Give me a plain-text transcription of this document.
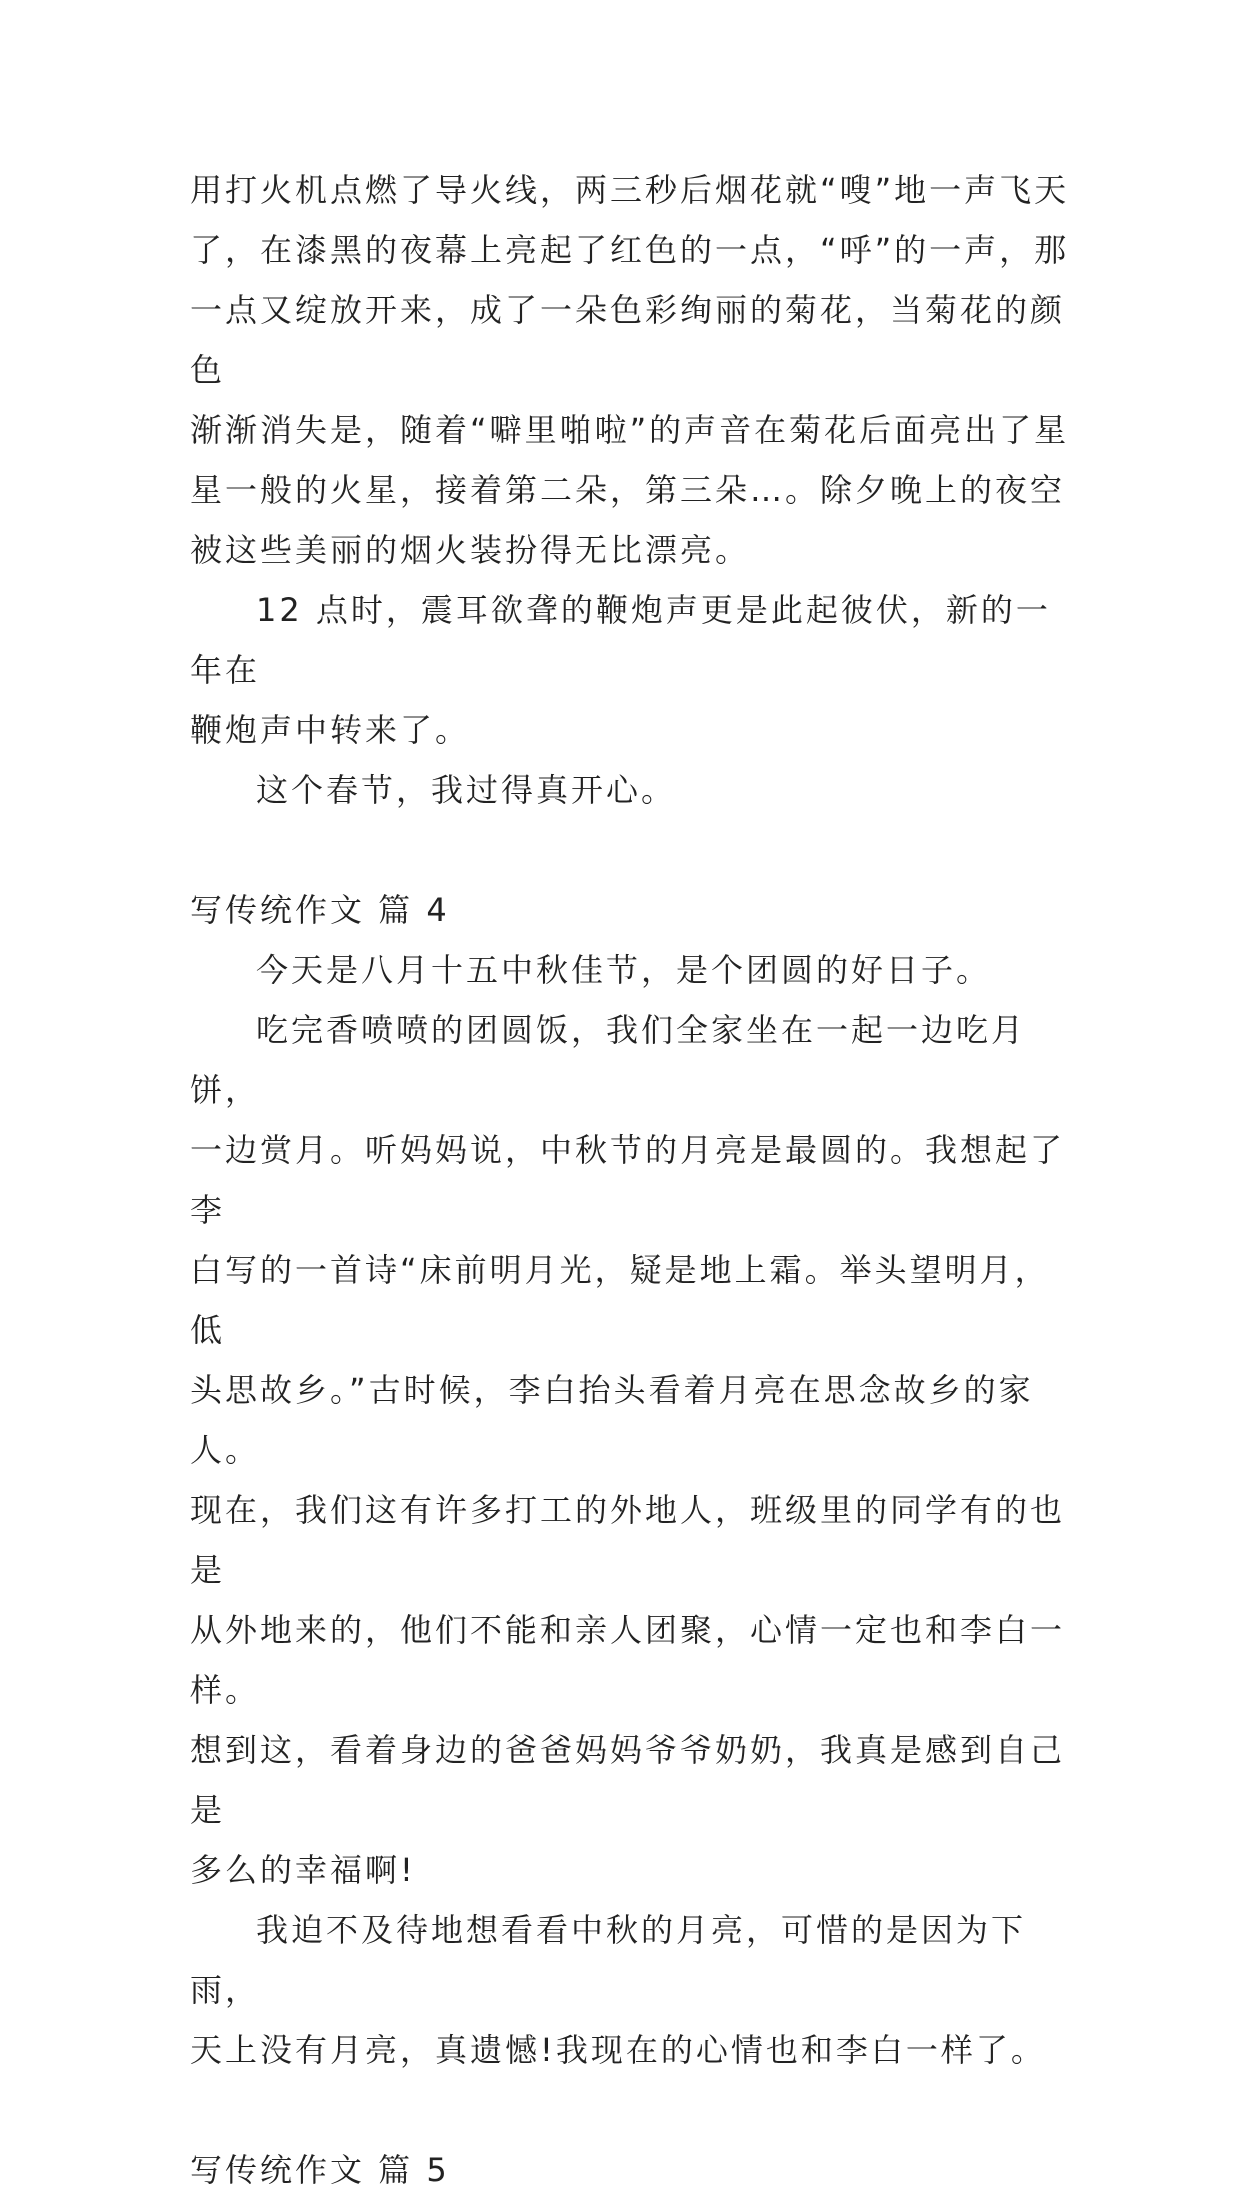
用打火机点燃了导火线，两三秒后烟花就“嗖”地一声飞天
了，在漆黑的夜幕上亮起了红色的一点，“呼”的一声，那
一点又绽放开来，成了一朵色彩绚丽的菊花，当菊花的颜色
渐渐消失是，随着“噼里啪啦”的声音在菊花后面亮出了星
星一般的火星，接着第二朵，第三朵…。除夕晚上的夜空
被这些美丽的烟火装扮得无比漂亮。

12 点时，震耳欲聋的鞭炮声更是此起彼伏，新的一年在
鞭炮声中转来了。

这个春节，我过得真开心。

写传统作文 篇 4

今天是八月十五中秋佳节，是个团圆的好日子。

吃完香喷喷的团圆饭，我们全家坐在一起一边吃月饼，
一边赏月。听妈妈说，中秋节的月亮是最圆的。我想起了李
白写的一首诗“床前明月光，疑是地上霜。举头望明月，低
头思故乡。”古时候，李白抬头看着月亮在思念故乡的家人。
现在，我们这有许多打工的外地人，班级里的同学有的也是
从外地来的，他们不能和亲人团聚，心情一定也和李白一样。
想到这，看着身边的爸爸妈妈爷爷奶奶，我真是感到自己是
多么的幸福啊!

我迫不及待地想看看中秋的月亮，可惜的是因为下雨，
天上没有月亮，真遗憾!我现在的心情也和李白一样了。

写传统作文 篇 5
